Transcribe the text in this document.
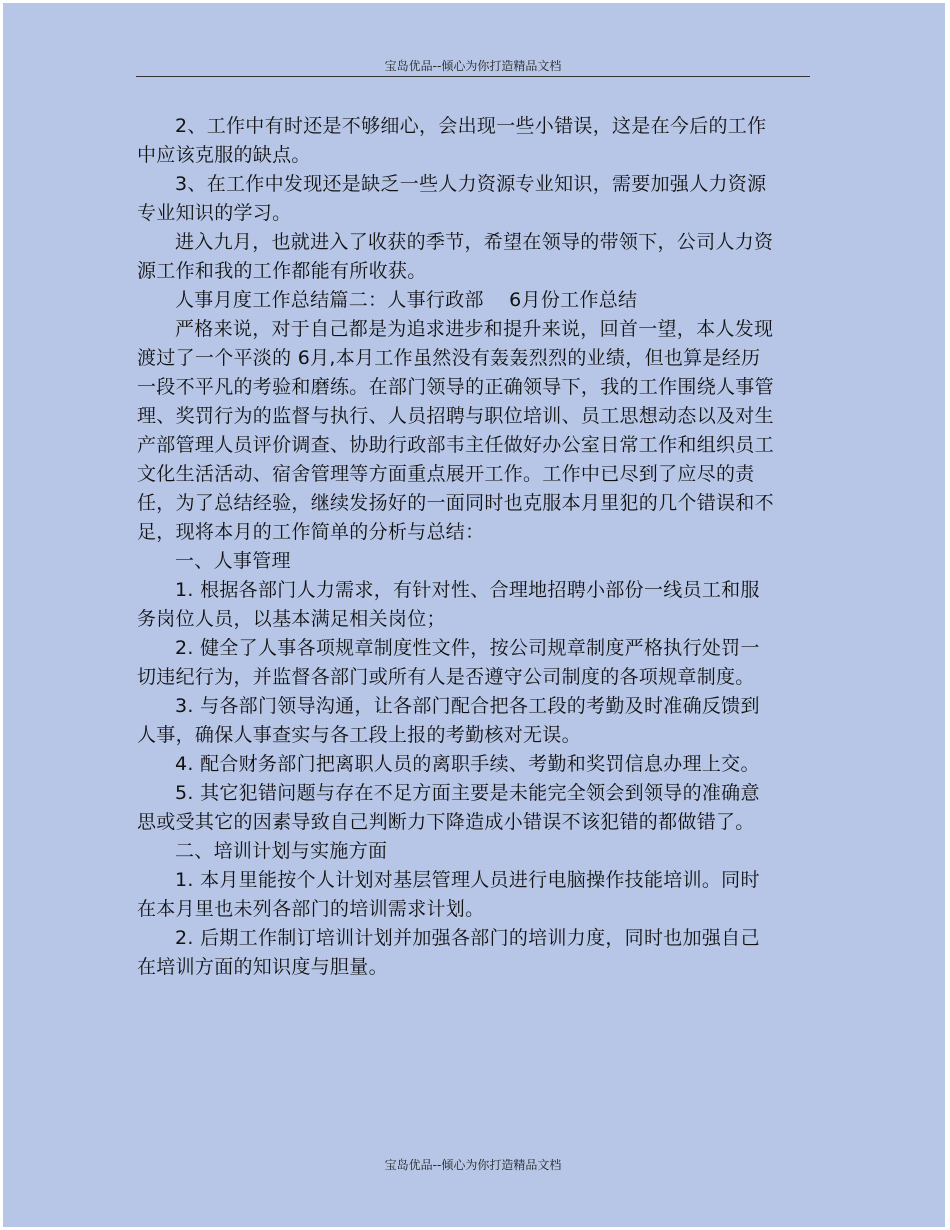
宝岛优品--倾心为你打造精品文档

2、工作中有时还是不够细心，会出现一些小错误，这是在今后的工作中应该克服的缺点。

3、在工作中发现还是缺乏一些人力资源专业知识，需要加强人力资源专业知识的学习。

进入九月，也就进入了收获的季节，希望在领导的带领下，公司人力资源工作和我的工作都能有所收获。

人事月度工作总结篇二：人事行政部    6月份工作总结

严格来说，对于自己都是为追求进步和提升来说，回首一望，本人发现渡过了一个平淡的 6月,本月工作虽然没有轰轰烈烈的业绩，但也算是经历一段不平凡的考验和磨练。在部门领导的正确领导下，我的工作围绕人事管理、奖罚行为的监督与执行、人员招聘与职位培训、员工思想动态以及对生产部管理人员评价调查、协助行政部韦主任做好办公室日常工作和组织员工文化生活活动、宿舍管理等方面重点展开工作。工作中已尽到了应尽的责任，为了总结经验，继续发扬好的一面同时也克服本月里犯的几个错误和不足，现将本月的工作简单的分析与总结：

一、人事管理

1. 根据各部门人力需求，有针对性、合理地招聘小部份一线员工和服务岗位人员，以基本满足相关岗位；

2. 健全了人事各项规章制度性文件，按公司规章制度严格执行处罚一切违纪行为，并监督各部门或所有人是否遵守公司制度的各项规章制度。

3. 与各部门领导沟通，让各部门配合把各工段的考勤及时准确反馈到人事，确保人事查实与各工段上报的考勤核对无误。

4. 配合财务部门把离职人员的离职手续、考勤和奖罚信息办理上交。

5. 其它犯错问题与存在不足方面主要是未能完全领会到领导的准确意思或受其它的因素导致自己判断力下降造成小错误不该犯错的都做错了。

二、培训计划与实施方面

1. 本月里能按个人计划对基层管理人员进行电脑操作技能培训。同时在本月里也未列各部门的培训需求计划。

2. 后期工作制订培训计划并加强各部门的培训力度，同时也加强自己在培训方面的知识度与胆量。

宝岛优品--倾心为你打造精品文档
